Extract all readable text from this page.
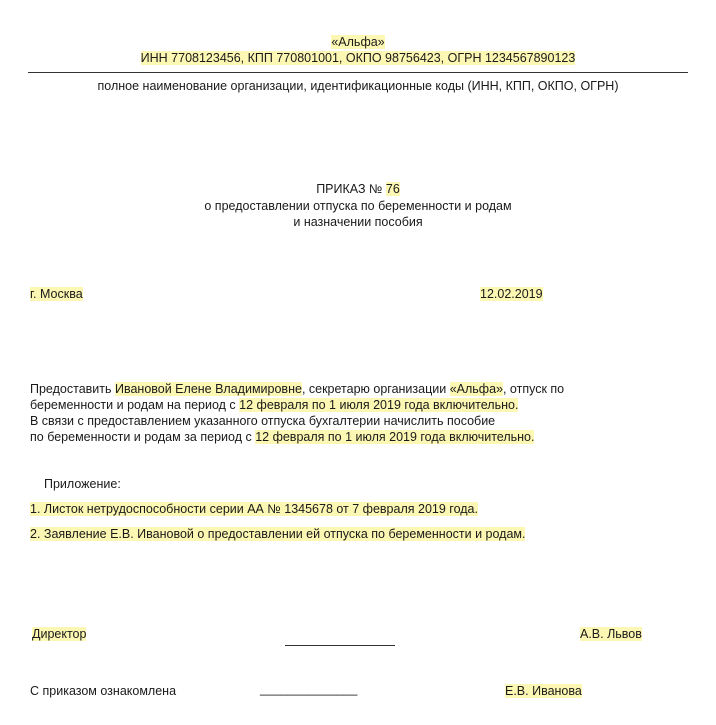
«Альфа»
ИНН 7708123456, КПП 770801001, ОКПО 98756423, ОГРН 1234567890123
полное наименование организации, идентификационные коды (ИНН, КПП, ОКПО, ОГРН)
ПРИКАЗ № 76
о предоставлении отпуска по беременности и родам
и назначении пособия
г. Москва	12.02.2019
Предоставить Ивановой Елене Владимировне, секретарю организации «Альфа», отпуск по
беременности и родам на период с 12 февраля по 1 июля 2019 года включительно.
В связи с предоставлением указанного отпуска бухгалтерии начислить пособие
по беременности и родам за период с 12 февраля по 1 июля 2019 года включительно.
Приложение:
1. Листок нетрудоспособности серии АА № 1345678 от 7 февраля 2019 года.
2. Заявление Е.В. Ивановой о предоставлении ей отпуска по беременности и родам.
Директор	А.В. Львов
С приказом ознакомлена	______________	Е.В. Иванова
